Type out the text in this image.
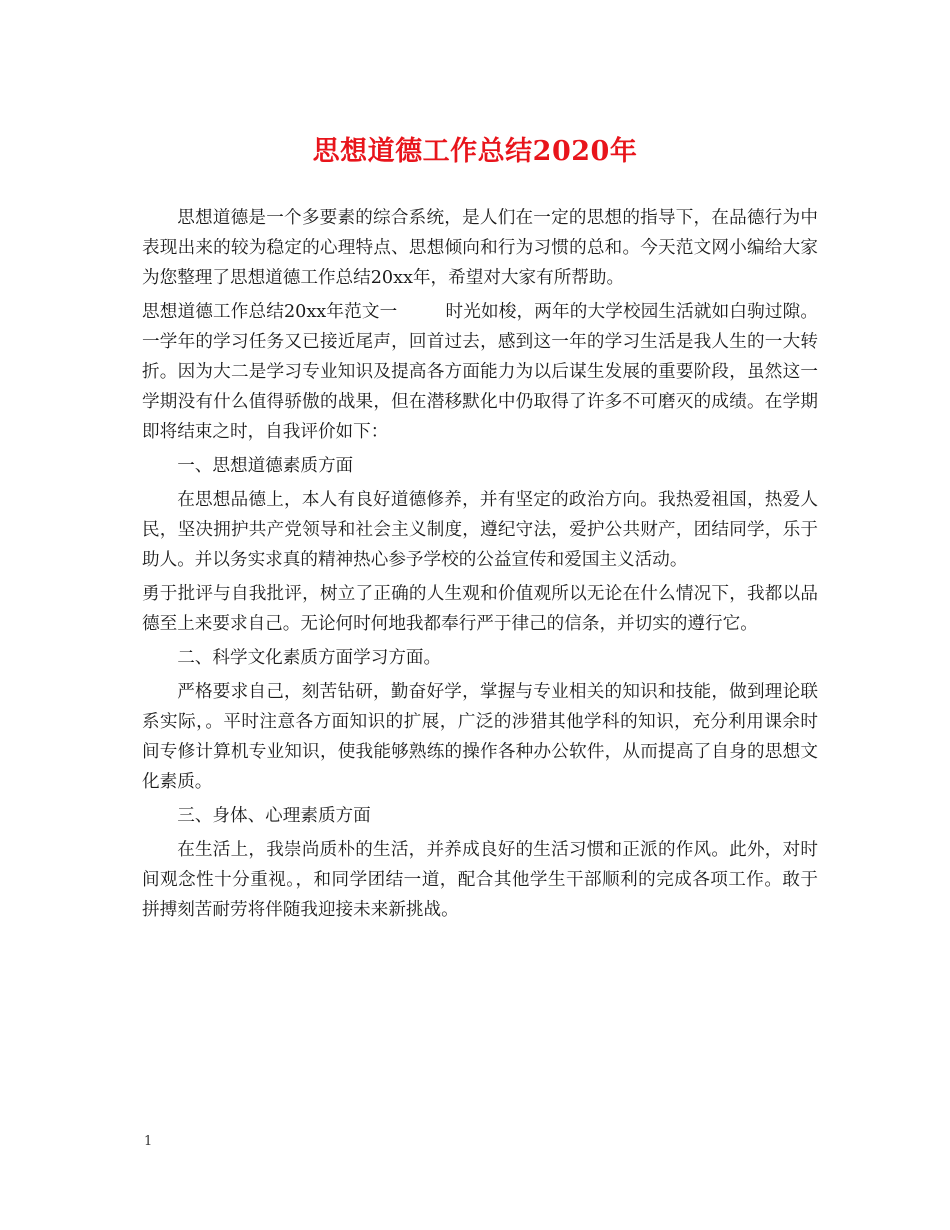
思想道德工作总结2020年

思想道德是一个多要素的综合系统，是人们在一定的思想的指导下，在品德行为中表现出来的较为稳定的心理特点、思想倾向和行为习惯的总和。今天范文网小编给大家为您整理了思想道德工作总结20xx年，希望对大家有所帮助。

思想道德工作总结20xx年范文一	时光如梭，两年的大学校园生活就如白驹过隙。一学年的学习任务又已接近尾声，回首过去，感到这一年的学习生活是我人生的一大转折。因为大二是学习专业知识及提高各方面能力为以后谋生发展的重要阶段，虽然这一学期没有什么值得骄傲的战果，但在潜移默化中仍取得了许多不可磨灭的成绩。在学期即将结束之时，自我评价如下：

一、思想道德素质方面

在思想品德上，本人有良好道德修养，并有坚定的政治方向。我热爱祖国，热爱人民，坚决拥护共产党领导和社会主义制度，遵纪守法，爱护公共财产，团结同学，乐于助人。并以务实求真的精神热心参予学校的公益宣传和爱国主义活动。

勇于批评与自我批评，树立了正确的人生观和价值观所以无论在什么情况下，我都以品德至上来要求自己。无论何时何地我都奉行严于律己的信条，并切实的遵行它。

二、科学文化素质方面学习方面。

严格要求自己，刻苦钻研，勤奋好学，掌握与专业相关的知识和技能，做到理论联系实际，。平时注意各方面知识的扩展，广泛的涉猎其他学科的知识，充分利用课余时间专修计算机专业知识，使我能够熟练的操作各种办公软件，从而提高了自身的思想文化素质。

三、身体、心理素质方面

在生活上，我崇尚质朴的生活，并养成良好的生活习惯和正派的作风。此外，对时间观念性十分重视。，和同学团结一道，配合其他学生干部顺利的完成各项工作。敢于拼搏刻苦耐劳将伴随我迎接未来新挑战。

1
